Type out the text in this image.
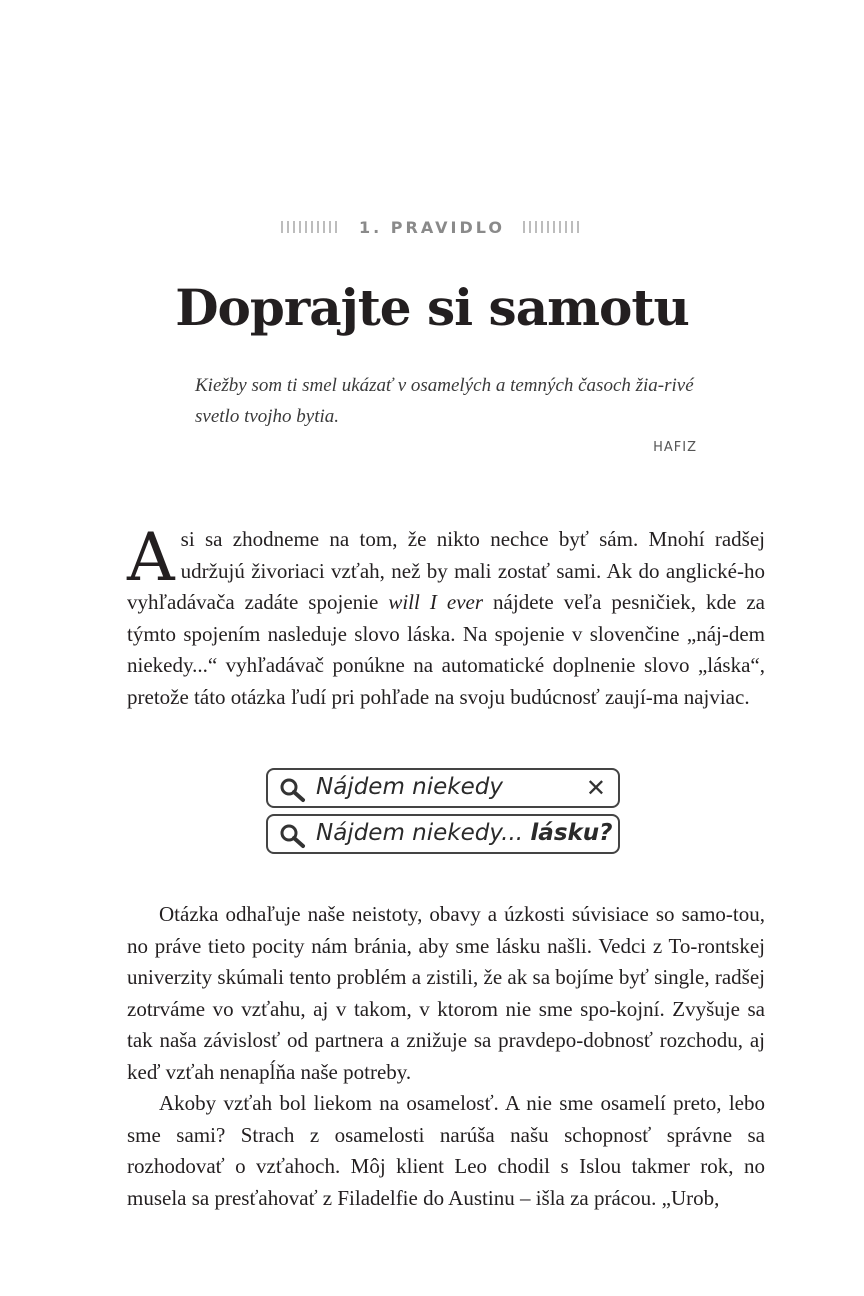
1. PRAVIDLO
Doprajte si samotu
Kiežby som ti smel ukázať v osamelých a temných časoch žia-rivé svetlo tvojho bytia.
HAFIZ
Asi sa zhodneme na tom, že nikto nechce byť sám. Mnohí radšej udržujú živoriaci vzťah, než by mali zostať sami. Ak do anglické-ho vyhľadávača zadáte spojenie will I ever nájdete veľa pesničiek, kde za týmto spojením nasleduje slovo láska. Na spojenie v slovenčine „náj-dem niekedy...“ vyhľadávač ponúkne na automatické doplnenie slovo „láska“, pretože táto otázka ľudí pri pohľade na svoju budúcnosť zaují-ma najviac.
Nájdem niekedy	✕
Nájdem niekedy... lásku?
Otázka odhaľuje naše neistoty, obavy a úzkosti súvisiace so samo-tou, no práve tieto pocity nám bránia, aby sme lásku našli. Vedci z To-rontskej univerzity skúmali tento problém a zistili, že ak sa bojíme byť single, radšej zotrváme vo vzťahu, aj v takom, v ktorom nie sme spo-kojní. Zvyšuje sa tak naša závislosť od partnera a znižuje sa pravdepo-dobnosť rozchodu, aj keď vzťah nenapĺňa naše potreby.
Akoby vzťah bol liekom na osamelosť. A nie sme osamelí preto, lebo sme sami? Strach z osamelosti narúša našu schopnosť správne sa rozhodovať o vzťahoch. Môj klient Leo chodil s Islou takmer rok, no musela sa presťahovať z Filadelfie do Austinu – išla za prácou. „Urob,
